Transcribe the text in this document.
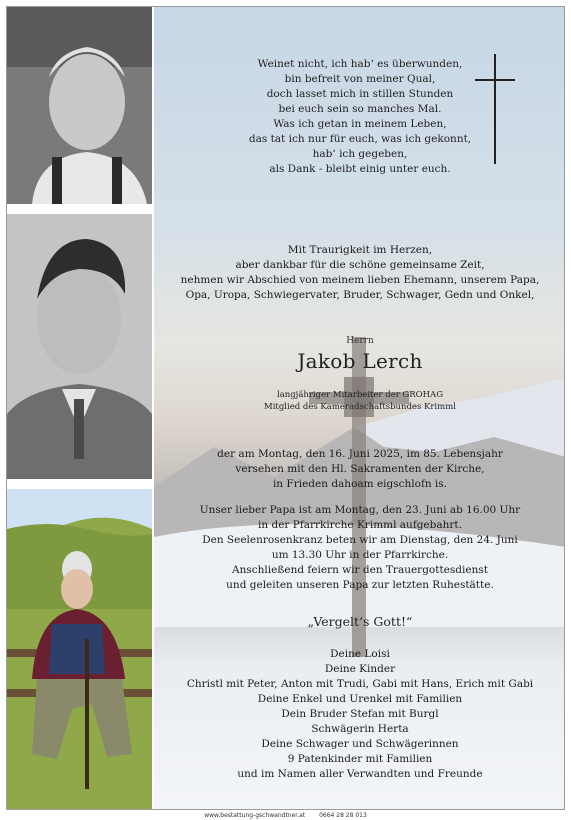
Weinet nicht, ich hab‘ es überwunden,
bin befreit von meiner Qual,
doch lasset mich in stillen Stunden
bei euch sein so manches Mal.
Was ich getan in meinem Leben,
das tat ich nur für euch, was ich gekonnt,
hab‘ ich gegeben,
als Dank - bleibt einig unter euch.
Mit Traurigkeit im Herzen,
aber dankbar für die schöne gemeinsame Zeit,
nehmen wir Abschied von meinem lieben Ehemann, unserem Papa,
Opa, Uropa, Schwiegervater, Bruder, Schwager, Gedn und Onkel,
Herrn
Jakob Lerch
langjähriger Mitarbeiter der GROHAG
Mitglied des Kameradschaftsbundes Krimml
der am Montag, den 16. Juni 2025, im 85. Lebensjahr
versehen mit den Hl. Sakramenten der Kirche,
in Frieden dahoam eigschlofn is.
Unser lieber Papa ist am Montag, den 23. Juni ab 16.00 Uhr
in der Pfarrkirche Krimml aufgebahrt.
Den Seelenrosenkranz beten wir am Dienstag, den 24. Juni
um 13.30 Uhr in der Pfarrkirche.
Anschließend feiern wir den Trauergottesdienst
und geleiten unseren Papa zur letzten Ruhestätte.
„Vergelt‘s Gott!“
Deine Loisi
Deine Kinder
Christl mit Peter, Anton mit Trudi, Gabi mit Hans, Erich mit Gabi
Deine Enkel und Urenkel mit Familien
Dein Bruder Stefan mit Burgl
Schwägerin Herta
Deine Schwager und Schwägerinnen
9 Patenkinder mit Familien
und im Namen aller Verwandten und Freunde
www.bestattung-gschwandtner.at 0664 28 28 013
